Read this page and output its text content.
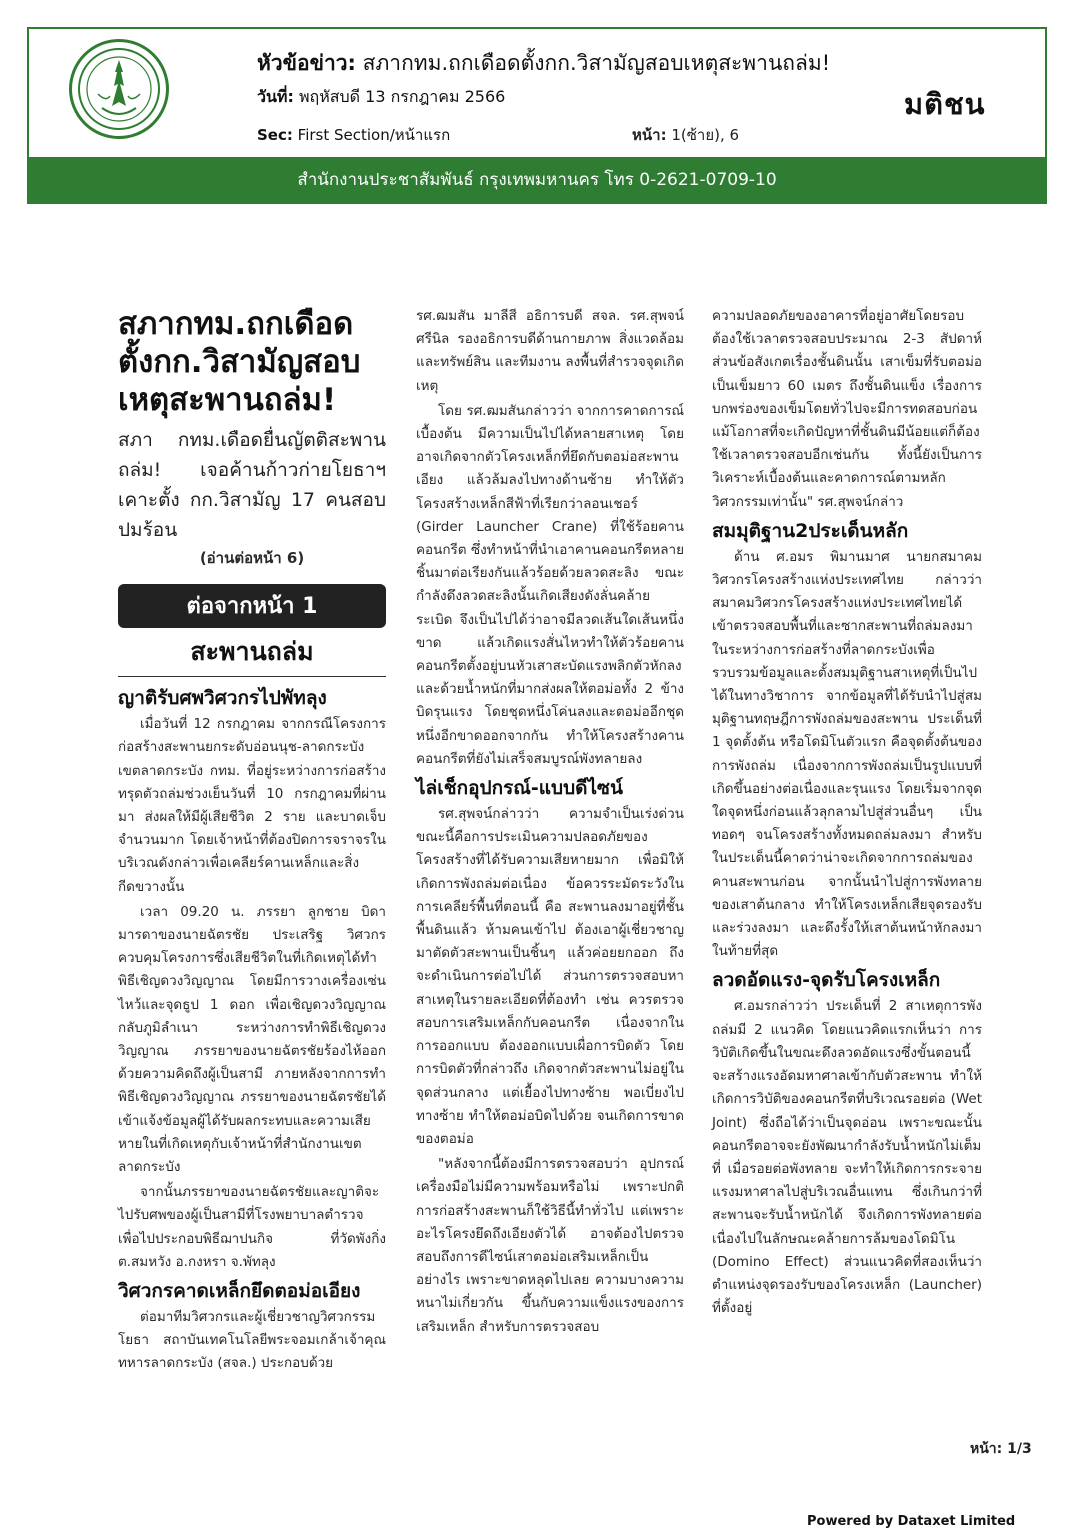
หัวข้อข่าว: สภากทม.ถกเดือดตั้งกก.วิสามัญสอบเหตุสะพานถล่ม!
วันที่: พฤหัสบดี 13 กรกฎาคม 2566
Sec: First Section/หน้าแรก	หน้า: 1(ซ้าย), 6
มติชน
สำนักงานประชาสัมพันธ์ กรุงเทพมหานคร โทร 0-2621-0709-10
สภากทม.ถกเดือด ตั้งกก.วิสามัญสอบ เหตุสะพานถล่ม!

สภา กทม.เดือดยื่นญัตติสะพานถล่ม! เจอค้านก้าวก่ายโยธาฯ เคาะตั้ง กก.วิสามัญ 17 คนสอบปมร้อน

(อ่านต่อหน้า 6)
ต่อจากหน้า 1
สะพานถล่ม
ญาติรับศพวิศวกรไปพัทลุง

เมื่อวันที่ 12 กรกฎาคม จากกรณีโครงการก่อสร้างสะพานยกระดับอ่อนนุช-ลาดกระบัง เขตลาดกระบัง กทม. ที่อยู่ระหว่างการก่อสร้างทรุดตัวถล่มช่วงเย็นวันที่ 10 กรกฎาคมที่ผ่านมา ส่งผลให้มีผู้เสียชีวิต 2 ราย และบาดเจ็บจำนวนมาก โดยเจ้าหน้าที่ต้องปิดการจราจรในบริเวณดังกล่าวเพื่อเคลียร์คานเหล็กและสิ่งกีดขวางนั้น

เวลา 09.20 น. ภรรยา ลูกชาย บิดามารดาของนายฉัตรชัย ประเสริฐ วิศวกรควบคุมโครงการซึ่งเสียชีวิตในที่เกิดเหตุได้ทำพิธีเชิญดวงวิญญาณ โดยมีการวางเครื่องเซ่นไหว้และจุดธูป 1 ดอก เพื่อเชิญดวงวิญญาณกลับภูมิลำเนา ระหว่างการทำพิธีเชิญดวงวิญญาณ ภรรยาของนายฉัตรชัยร้องไห้ออกด้วยความคิดถึงผู้เป็นสามี ภายหลังจากการทำพิธีเชิญดวงวิญญาณ ภรรยาของนายฉัตรชัยได้เข้าแจ้งข้อมูลผู้ได้รับผลกระทบและความเสียหายในที่เกิดเหตุกับเจ้าหน้าที่สำนักงานเขตลาดกระบัง

จากนั้นภรรยาของนายฉัตรชัยและญาติจะไปรับศพของผู้เป็นสามีที่โรงพยาบาลตำรวจ เพื่อไปประกอบพิธีฌาปนกิจ ที่วัดพังกิ่ง ต.สมหวัง อ.กงหรา จ.พัทลุง

วิศวกรคาดเหล็กยึดตอม่อเอียง

ต่อมาทีมวิศวกรและผู้เชี่ยวชาญวิศวกรรมโยธา สถาบันเทคโนโลยีพระจอมเกล้าเจ้าคุณทหารลาดกระบัง (สจล.) ประกอบด้วย

รศ.ฒมสัน มาลีสี อธิการบดี สจล. รศ.สุพจน์ ศรีนิล รองอธิการบดีด้านกายภาพ สิ่งแวดล้อมและทรัพย์สิน และทีมงาน ลงพื้นที่สำรวจจุดเกิดเหตุ

โดย รศ.ฒมสันกล่าวว่า จากการคาดการณ์เบื้องต้น มีความเป็นไปได้หลายสาเหตุ โดยอาจเกิดจากตัวโครงเหล็กที่ยึดกับตอม่อสะพานเอียง แล้วล้มลงไปทางด้านซ้าย ทำให้ตัวโครงสร้างเหล็กสีฟ้าที่เรียกว่าลอนเชอร์ (Girder Launcher Crane) ที่ใช้ร้อยคานคอนกรีต ซึ่งทำหน้าที่นำเอาคานคอนกรีตหลายชิ้นมาต่อเรียงกันแล้วร้อยด้วยลวดสะลิง ขณะกำลังดึงลวดสะลิงนั้นเกิดเสียงดังลั่นคล้ายระเบิด จึงเป็นไปได้ว่าอาจมีลวดเส้นใดเส้นหนึ่งขาด แล้วเกิดแรงสั่นไหวทำให้ตัวร้อยคานคอนกรีตตั้งอยู่บนหัวเสาสะบัดแรงพลิกตัวหักลง และด้วยน้ำหนักที่มากส่งผลให้ตอม่อทั้ง 2 ข้างบิดรุนแรง โดยชุดหนึ่งโค่นลงและตอม่ออีกชุดหนึ่งอีกขาดออกจากกัน ทำให้โครงสร้างคานคอนกรีตที่ยังไม่เสร็จสมบูรณ์พังทลายลง

ไล่เช็กอุปกรณ์-แบบดีไซน์

รศ.สุพจน์กล่าวว่า ความจำเป็นเร่งด่วนขณะนี้คือการประเมินความปลอดภัยของโครงสร้างที่ได้รับความเสียหายมาก เพื่อมิให้เกิดการพังถล่มต่อเนื่อง ข้อควรระมัดระวังในการเคลียร์พื้นที่ตอนนี้ คือ สะพานลงมาอยู่ที่ชั้นพื้นดินแล้ว ห้ามคนเข้าไป ต้องเอาผู้เชี่ยวชาญมาตัดตัวสะพานเป็นชิ้นๆ แล้วค่อยยกออก ถึงจะดำเนินการต่อไปได้ ส่วนการตรวจสอบหาสาเหตุในรายละเอียดที่ต้องทำ เช่น ควรตรวจสอบการเสริมเหล็กกับคอนกรีต เนื่องจากในการออกแบบ ต้องออกแบบเผื่อการบิดตัว โดยการบิดตัวที่กล่าวถึง เกิดจากตัวสะพานไม่อยู่ในจุดส่วนกลาง แต่เยื้องไปทางซ้าย พอเบี่ยงไปทางซ้าย ทำให้ตอม่อบิดไปด้วย จนเกิดการขาดของตอม่อ

"หลังจากนี้ต้องมีการตรวจสอบว่า อุปกรณ์เครื่องมือไม่มีความพร้อมหรือไม่ เพราะปกติการก่อสร้างสะพานก็ใช้วิธีนี้ทำทั่วไป แต่เพราะอะไรโครงยึดถึงเอียงตัวได้ อาจต้องไปตรวจสอบถึงการดีไซน์เสาตอม่อเสริมเหล็กเป็นอย่างไร เพราะขาดหลุดไปเลย ความบางความหนาไม่เกี่ยวกัน ขึ้นกับความแข็งแรงของการเสริมเหล็ก สำหรับการตรวจสอบ

ความปลอดภัยของอาคารที่อยู่อาศัยโดยรอบต้องใช้เวลาตรวจสอบประมาณ 2-3 สัปดาห์ ส่วนข้อสังเกตเรื่องชั้นดินนั้น เสาเข็มที่รับตอม่อเป็นเข็มยาว 60 เมตร ถึงชั้นดินแข็ง เรื่องการบกพร่องของเข็มโดยทั่วไปจะมีการทดสอบก่อน แม้โอกาสที่จะเกิดปัญหาที่ชั้นดินมีน้อยแต่ก็ต้องใช้เวลาตรวจสอบอีกเช่นกัน ทั้งนี้ยังเป็นการวิเคราะห์เบื้องต้นและคาดการณ์ตามหลักวิศวกรรมเท่านั้น" รศ.สุพจน์กล่าว

สมมุติฐาน2ประเด็นหลัก

ด้าน ศ.อมร พิมานมาศ นายกสมาคมวิศวกรโครงสร้างแห่งประเทศไทย กล่าวว่า สมาคมวิศวกรโครงสร้างแห่งประเทศไทยได้เข้าตรวจสอบพื้นที่และซากสะพานที่ถล่มลงมาในระหว่างการก่อสร้างที่ลาดกระบังเพื่อรวบรวมข้อมูลและตั้งสมมุติฐานสาเหตุที่เป็นไปได้ในทางวิชาการ จากข้อมูลที่ได้รับนำไปสู่สมมุติฐานทฤษฎีการพังถล่มของสะพาน ประเด็นที่ 1 จุดตั้งต้น หรือโดมิโนตัวแรก คือจุดตั้งต้นของการพังถล่ม เนื่องจากการพังถล่มเป็นรูปแบบที่เกิดขึ้นอย่างต่อเนื่องและรุนแรง โดยเริ่มจากจุดใดจุดหนึ่งก่อนแล้วลุกลามไปสู่ส่วนอื่นๆ เป็นทอดๆ จนโครงสร้างทั้งหมดถล่มลงมา สำหรับในประเด็นนี้คาดว่าน่าจะเกิดจากการถล่มของคานสะพานก่อน จากนั้นนำไปสู่การพังทลายของเสาต้นกลาง ทำให้โครงเหล็กเสียจุดรองรับและร่วงลงมา และดึงรั้งให้เสาต้นหน้าหักลงมาในท้ายที่สุด

ลวดอัดแรง-จุดรับโครงเหล็ก

ศ.อมรกล่าวว่า ประเด็นที่ 2 สาเหตุการพังถล่มมี 2 แนวคิด โดยแนวคิดแรกเห็นว่า การวิบัติเกิดขึ้นในขณะดึงลวดอัดแรงซึ่งขั้นตอนนี้จะสร้างแรงอัดมหาศาลเข้ากับตัวสะพาน ทำให้เกิดการวิบัติของคอนกรีตที่บริเวณรอยต่อ (Wet Joint) ซึ่งถือได้ว่าเป็นจุดอ่อน เพราะขณะนั้นคอนกรีตอาจจะยังพัฒนากำลังรับน้ำหนักไม่เต็มที่ เมื่อรอยต่อพังทลาย จะทำให้เกิดการกระจายแรงมหาศาลไปสู่บริเวณอื่นแทน ซึ่งเกินกว่าที่สะพานจะรับน้ำหนักได้ จึงเกิดการพังทลายต่อเนื่องไปในลักษณะคล้ายการล้มของโดมิโน (Domino Effect) ส่วนแนวคิดที่สองเห็นว่า ตำแหน่งจุดรองรับของโครงเหล็ก (Launcher) ที่ตั้งอยู่

หน้า: 1/3
Powered by Dataxet Limited
